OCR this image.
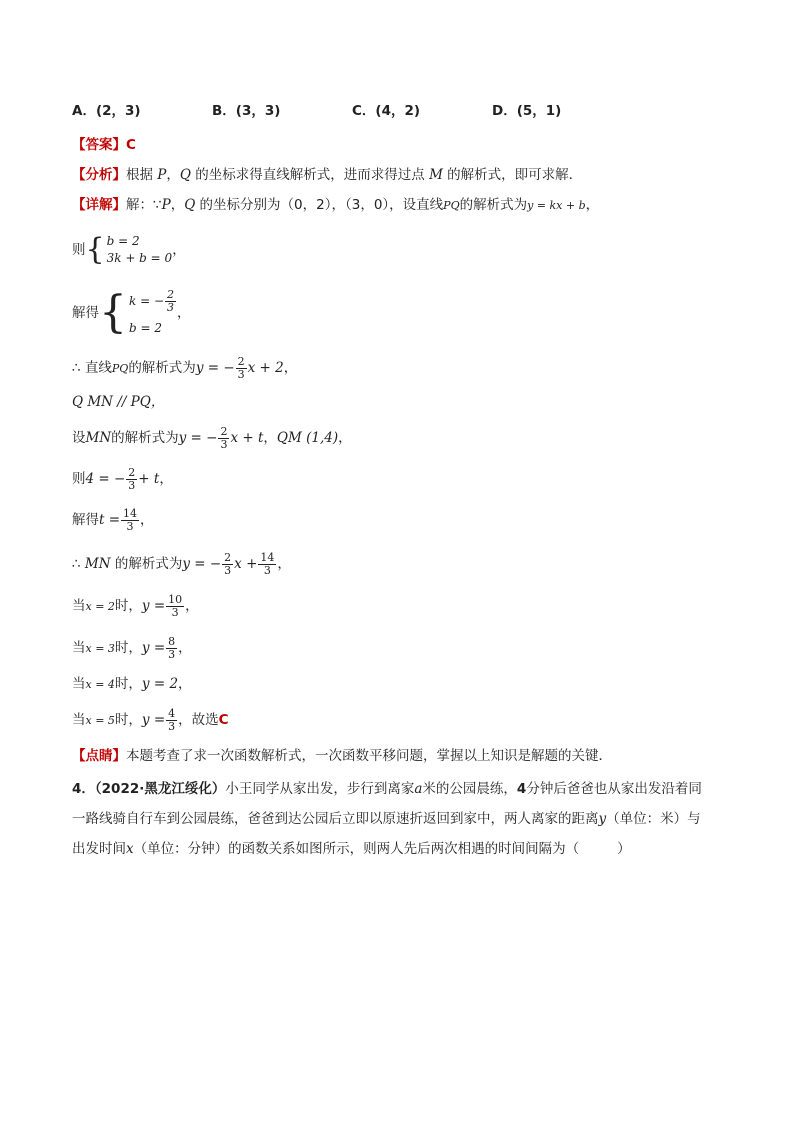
A．(2，3)	B．(3，3)	C．(4，2)	D．(5，1)
【答案】C
【分析】根据 P，Q 的坐标求得直线解析式，进而求得过点 M 的解析式，即可求解．
【详解】解：∵P，Q 的坐标分别为（0，2），（3，0），设直线PQ的解析式为y = kx + b，
则 { b = 2
3k + b = 0 ，
解得 { k = − $\frac{2}{3}$
b = 2
，
∴ 直线PQ的解析式为y = − $\frac{2}{3}$ x + 2，
Q MN // PQ，
设MN的解析式为y = − $\frac{2}{3}$ x + t，QM (1,4)，
则4 = − $\frac{2}{3} + t$，
解得$t = \frac{14}{3}$ ，
∴ MN 的解析式为y = − $\frac{2}{3}$ $x + \frac{14}{3}$ ，
当x = 2时，$y = \frac{10}{3}$ ，
当x = 3时，$y = \frac{8}{3}$ ，
当x = 4时，y = 2，
当x = 5时，$y = \frac{4}{3}$ ，故选C
【点睛】本题考查了求一次函数解析式，一次函数平移问题，掌握以上知识是解题的关键．
4．（2022·黑龙江绥化）小王同学从家出发，步行到离家a米的公园晨练，4分钟后爸爸也从家出发沿着同
一路线骑自行车到公园晨练，爸爸到达公园后立即以原速折返回到家中，两人离家的距离y（单位：米）与
出发时间x（单位：分钟）的函数关系如图所示，则两人先后两次相遇的时间间隔为（	）
